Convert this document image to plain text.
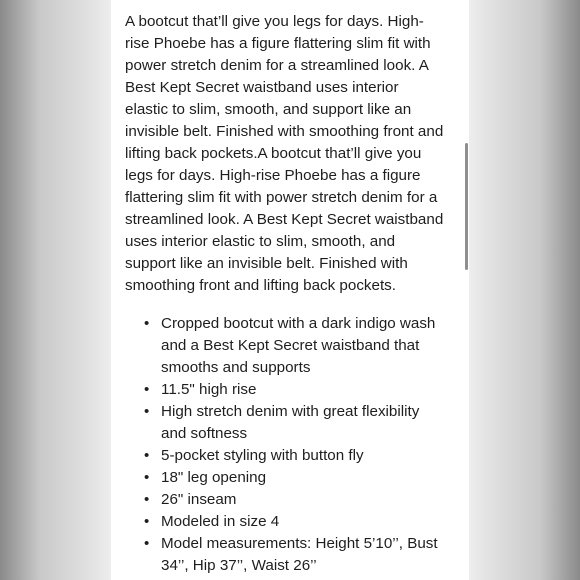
A bootcut that’ll give you legs for days. High-rise Phoebe has a figure flattering slim fit with power stretch denim for a streamlined look. A Best Kept Secret waistband uses interior elastic to slim, smooth, and support like an invisible belt. Finished with smoothing front and lifting back pockets.A bootcut that’ll give you legs for days. High-rise Phoebe has a figure flattering slim fit with power stretch denim for a streamlined look. A Best Kept Secret waistband uses interior elastic to slim, smooth, and support like an invisible belt. Finished with smoothing front and lifting back pockets.

• Cropped bootcut with a dark indigo wash and a Best Kept Secret waistband that smooths and supports
• 11.5" high rise
• High stretch denim with great flexibility and softness
• 5-pocket styling with button fly
• 18" leg opening
• 26" inseam
• Modeled in size 4
• Model measurements: Height 5’10’’, Bust 34’’, Hip 37’’, Waist 26’’
